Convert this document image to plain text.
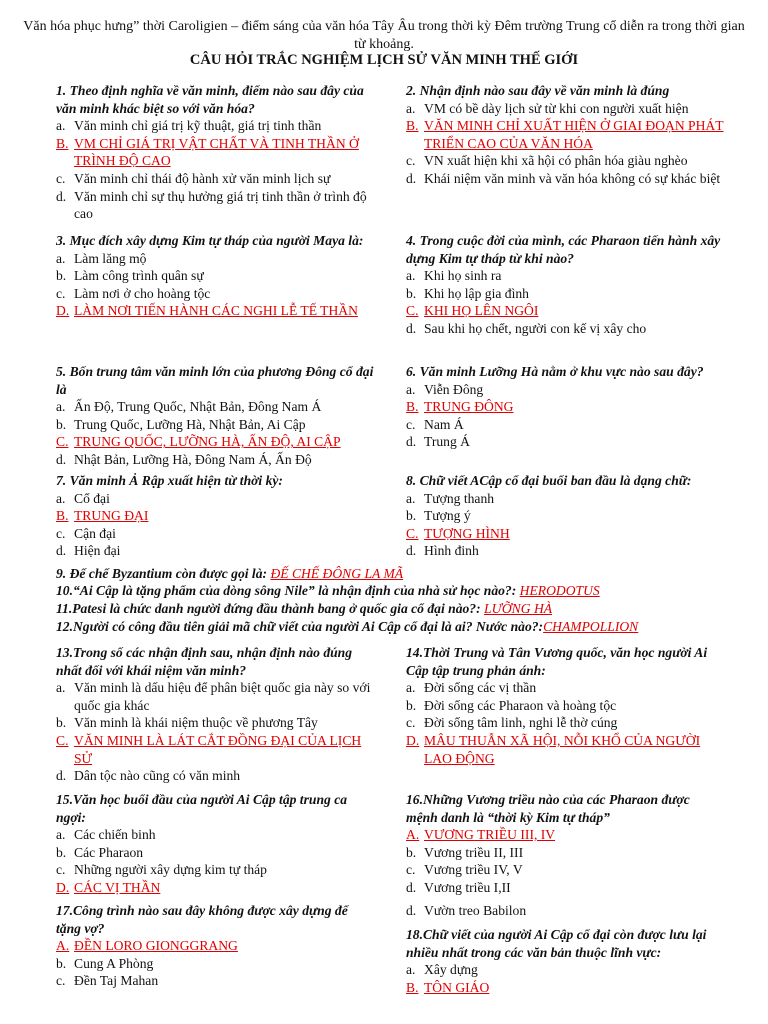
Văn hóa phục hưng” thời Caroligien – điểm sáng của văn hóa Tây Âu trong thời kỳ Đêm trường Trung cổ diễn ra trong thời gian từ khoảng.
CÂU HỎI TRẮC NGHIỆM LỊCH SỬ VĂN MINH THẾ GIỚI
1. Theo định nghĩa về văn minh, điểm nào sau đây của văn minh khác biệt so với văn hóa?
a. Văn minh chỉ giá trị kỹ thuật, giá trị tinh thần
B. VM CHỈ GIÁ TRỊ VẬT CHẤT VÀ TINH THẦN Ở TRÌNH ĐỘ CAO
c. Văn minh chỉ thái độ hành xử văn minh lịch sự
d. Văn minh chỉ sự thụ hưởng giá trị tinh thần ở trình độ cao
2. Nhận định nào sau đây về văn minh là đúng
a. VM có bề dày lịch sử từ khi con người xuất hiện
B. VĂN MINH CHỈ XUẤT HIỆN Ở GIAI ĐOẠN PHÁT TRIỂN CAO CỦA VĂN HÓA
c. VN xuất hiện khi xã hội có phân hóa giàu nghèo
d. Khái niệm văn minh và văn hóa không có sự khác biệt
3. Mục đích xây dựng Kim tự tháp của người Maya là:
a. Làm lăng mộ
b. Làm công trình quân sự
c. Làm nơi ở cho hoàng tộc
D. LÀM NƠI TIẾN HÀNH CÁC NGHI LỄ TẾ THẦN
4. Trong cuộc đời của mình, các Pharaon tiến hành xây dựng Kim tự tháp từ khi nào?
a. Khi họ sinh ra
b. Khi họ lập gia đình
C. KHI HỌ LÊN NGÔI
d. Sau khi họ chết, người con kế vị xây cho
5. Bốn trung tâm văn minh lớn của phương Đông cổ đại là
a. Ấn Độ, Trung Quốc, Nhật Bản, Đông Nam Á
b. Trung Quốc, Lưỡng Hà, Nhật Bản, Ai Cập
C. TRUNG QUỐC, LƯỠNG HÀ, ẤN ĐỘ, AI CẬP
d. Nhật Bản, Lưỡng Hà, Đông Nam Á, Ấn Độ
6. Văn minh Lưỡng Hà nằm ở khu vực nào sau đây?
a. Viễn Đông
B. TRUNG ĐÔNG
c. Nam Á
d. Trung Á
7. Văn minh Ả Rập xuất hiện từ thời kỳ:
a. Cổ đại
B. TRUNG ĐẠI
c. Cận đại
d. Hiện đại
8. Chữ viết ACập cổ đại buổi ban đầu là dạng chữ:
a. Tượng thanh
b. Tượng ý
C. TƯỢNG HÌNH
d. Hình đinh
9. Đế chế Byzantium còn được gọi là: ĐẾ CHẾ ĐÔNG LA MÃ
10.“Ai Cập là tặng phẩm của dòng sông Nile” là nhận định của nhà sử học nào?: HERODOTUS
11.Patesi là chức danh người đứng đầu thành bang ở quốc gia cổ đại nào?: LƯỠNG HÀ
12.Người có công đầu tiên giải mã chữ viết của người Ai Cập cổ đại là ai? Nước nào?:CHAMPOLLION
13.Trong số các nhận định sau, nhận định nào đúng nhất đối với khái niệm văn minh?
a. Văn minh là dấu hiệu để phân biệt quốc gia này so với quốc gia khác
b. Văn minh là khái niệm thuộc về phương Tây
C. VĂN MINH LÀ LÁT CẮT ĐỒNG ĐẠI CỦA LỊCH SỬ
d. Dân tộc nào cũng có văn minh
14.Thời Trung và Tân Vương quốc, văn học người Ai Cập tập trung phản ánh:
a. Đời sống các vị thần
b. Đời sống các Pharaon và hoàng tộc
c. Đời sống tâm linh, nghi lễ thờ cúng
D. MÂU THUẪN XÃ HỘI, NỖI KHỔ CỦA NGƯỜI LAO ĐỘNG
15.Văn học buổi đầu của người Ai Cập tập trung ca ngợi:
a. Các chiến binh
b. Các Pharaon
c. Những người xây dựng kim tự tháp
D. CÁC VỊ THẦN
16.Những Vương triều nào của các Pharaon được mệnh danh là “thời kỳ Kim tự tháp”
A. VƯƠNG TRIỀU III, IV
b. Vương triều II, III
c. Vương triều IV, V
d. Vương triều I,II
d. Vườn treo Babilon
17.Công trình nào sau đây không được xây dựng để tặng vợ?
A. ĐỀN LORO GIONGGRANG
b. Cung A Phòng
c. Đền Taj Mahan
18.Chữ viết của người Ai Cập cổ đại còn được lưu lại nhiều nhất trong các văn bản thuộc lĩnh vực:
a. Xây dựng
B. TÔN GIÁO
